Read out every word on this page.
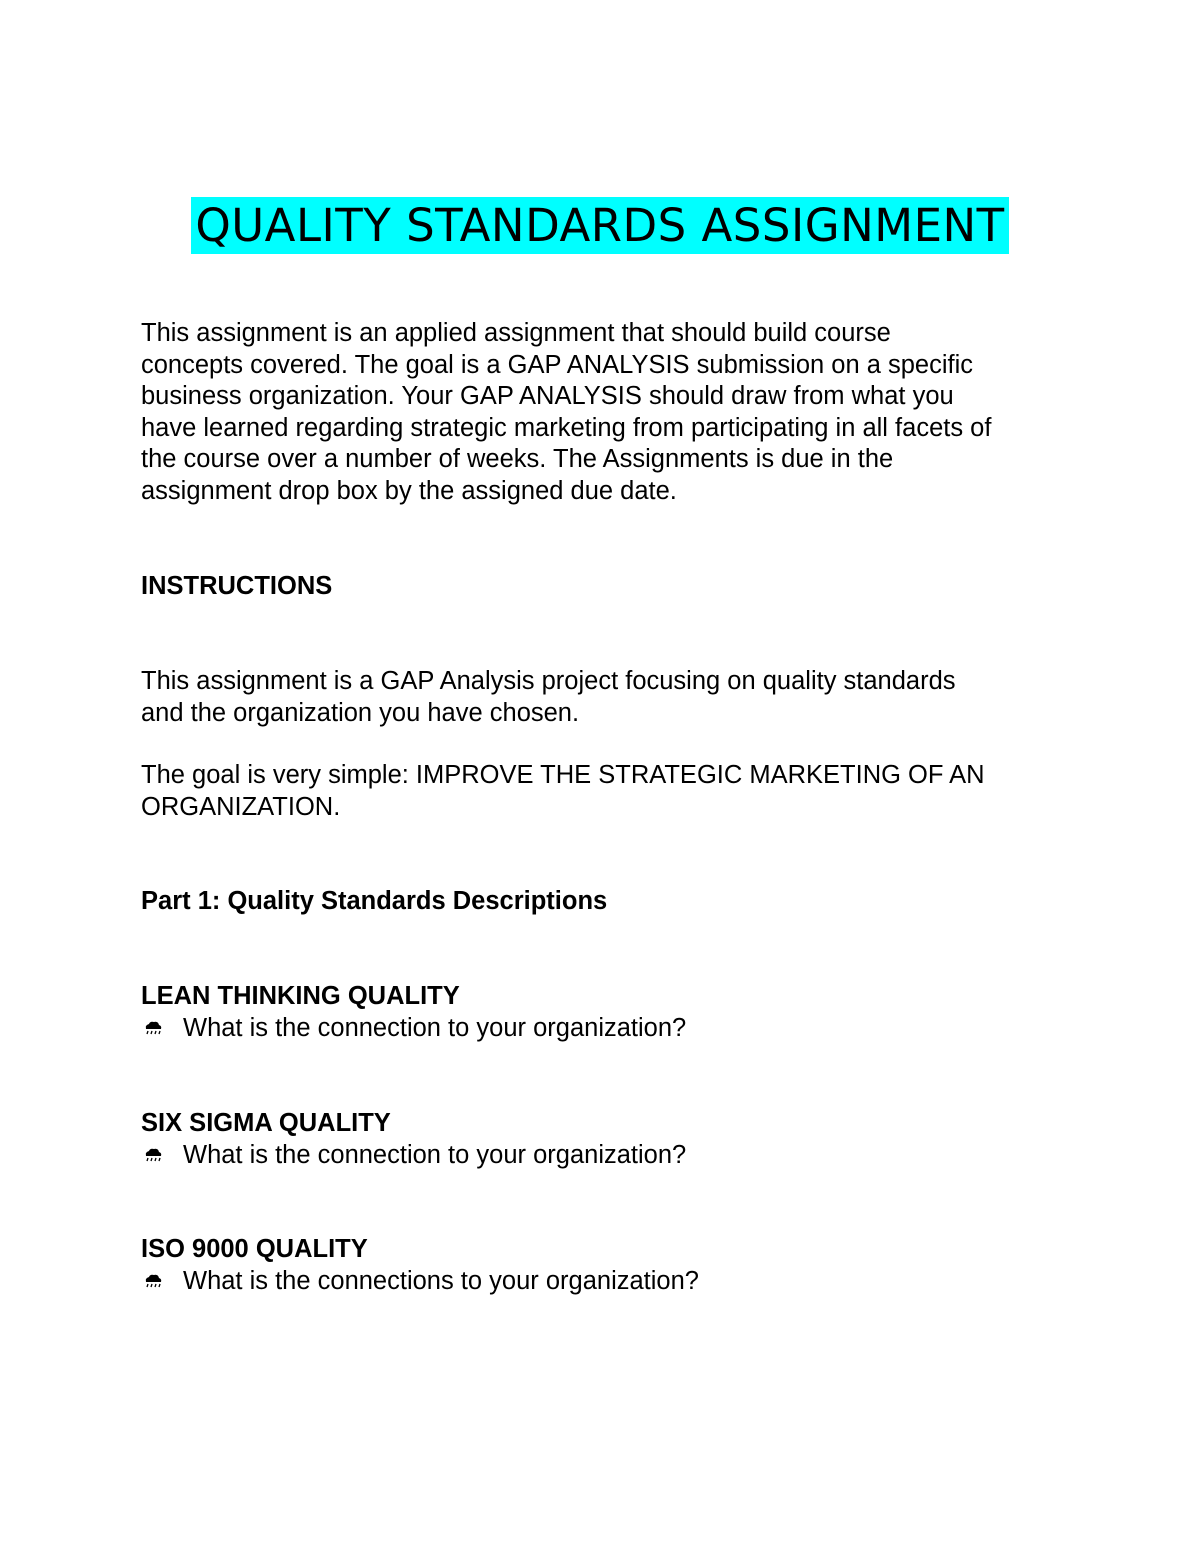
QUALITY STANDARDS ASSIGNMENT
This assignment is an applied assignment that should build course
concepts covered. The goal is a GAP ANALYSIS submission on a specific
business organization. Your GAP ANALYSIS should draw from what you
have learned regarding strategic marketing from participating in all facets of
the course over a number of weeks. The Assignments is due in the
assignment drop box by the assigned due date.
INSTRUCTIONS
This assignment is a GAP Analysis project focusing on quality standards
and the organization you have chosen.
The goal is very simple: IMPROVE THE STRATEGIC MARKETING OF AN
ORGANIZATION.
Part 1: Quality Standards Descriptions
LEAN THINKING QUALITY
What is the connection to your organization?
SIX SIGMA QUALITY
What is the connection to your organization?
ISO 9000 QUALITY
What is the connections to your organization?
